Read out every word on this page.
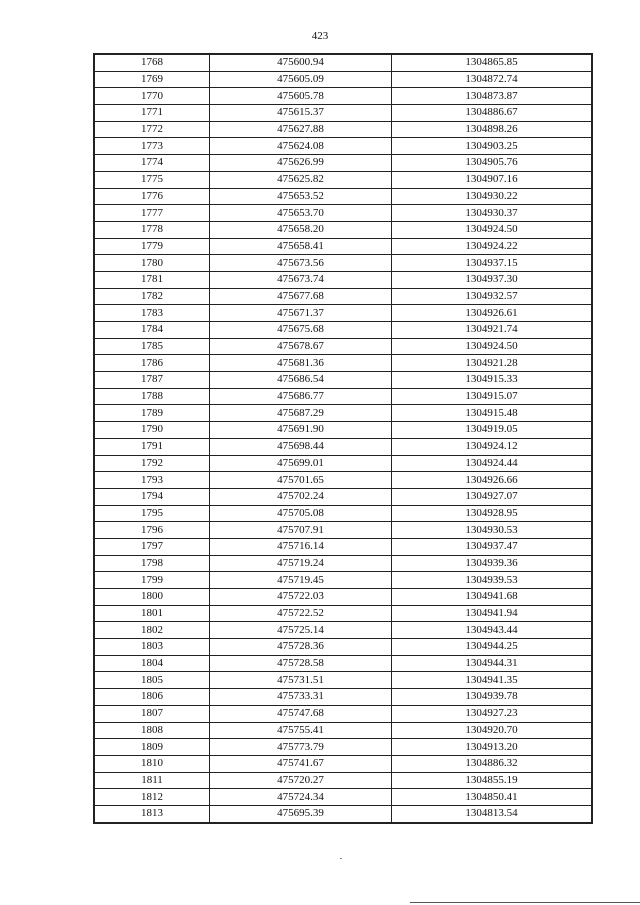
423
1768	475600.94	1304865.85
1769	475605.09	1304872.74
1770	475605.78	1304873.87
1771	475615.37	1304886.67
1772	475627.88	1304898.26
1773	475624.08	1304903.25
1774	475626.99	1304905.76
1775	475625.82	1304907.16
1776	475653.52	1304930.22
1777	475653.70	1304930.37
1778	475658.20	1304924.50
1779	475658.41	1304924.22
1780	475673.56	1304937.15
1781	475673.74	1304937.30
1782	475677.68	1304932.57
1783	475671.37	1304926.61
1784	475675.68	1304921.74
1785	475678.67	1304924.50
1786	475681.36	1304921.28
1787	475686.54	1304915.33
1788	475686.77	1304915.07
1789	475687.29	1304915.48
1790	475691.90	1304919.05
1791	475698.44	1304924.12
1792	475699.01	1304924.44
1793	475701.65	1304926.66
1794	475702.24	1304927.07
1795	475705.08	1304928.95
1796	475707.91	1304930.53
1797	475716.14	1304937.47
1798	475719.24	1304939.36
1799	475719.45	1304939.53
1800	475722.03	1304941.68
1801	475722.52	1304941.94
1802	475725.14	1304943.44
1803	475728.36	1304944.25
1804	475728.58	1304944.31
1805	475731.51	1304941.35
1806	475733.31	1304939.78
1807	475747.68	1304927.23
1808	475755.41	1304920.70
1809	475773.79	1304913.20
1810	475741.67	1304886.32
1811	475720.27	1304855.19
1812	475724.34	1304850.41
1813	475695.39	1304813.54
